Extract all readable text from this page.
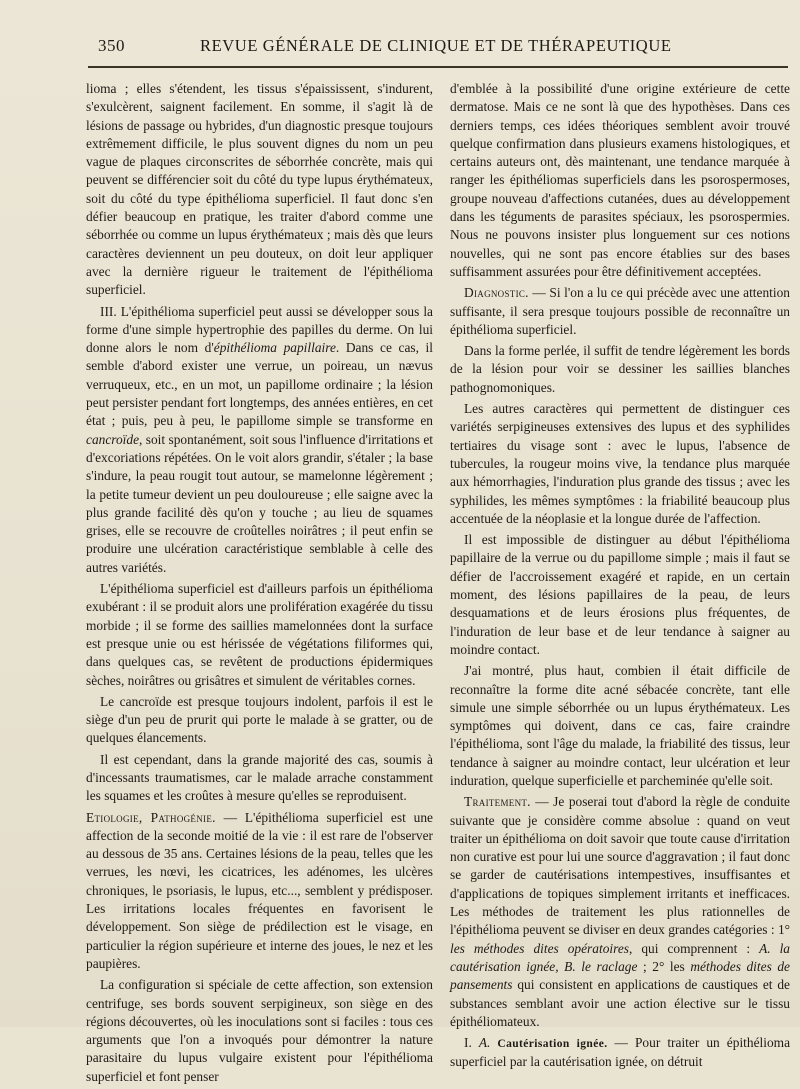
350	REVUE GÉNÉRALE DE CLINIQUE ET DE THÉRAPEUTIQUE

lioma ; elles s'étendent, les tissus s'épaississent, s'indurent, s'exulcèrent, saignent facilement. En somme, il s'agit là de lésions de passage ou hybrides, d'un diagnostic presque toujours extrêmement difficile, le plus souvent dignes du nom un peu vague de plaques circonscrites de séborrhée concrète, mais qui peuvent se différencier soit du côté du type lupus érythémateux, soit du côté du type épithélioma superficiel. Il faut donc s'en défier beaucoup en pratique, les traiter d'abord comme une séborrhée ou comme un lupus érythémateux ; mais dès que leurs caractères deviennent un peu douteux, on doit leur appliquer avec la dernière rigueur le traitement de l'épithélioma superficiel.

III. L'épithélioma superficiel peut aussi se développer sous la forme d'une simple hypertrophie des papilles du derme. On lui donne alors le nom d'épithélioma papillaire. Dans ce cas, il semble d'abord exister une verrue, un poireau, un nævus verruqueux, etc., en un mot, un papillome ordinaire ; la lésion peut persister pendant fort longtemps, des années entières, en cet état ; puis, peu à peu, le papillome simple se transforme en cancroïde, soit spontanément, soit sous l'influence d'irritations et d'excoriations répétées. On le voit alors grandir, s'étaler ; la base s'indure, la peau rougit tout autour, se mamelonne légèrement ; la petite tumeur devient un peu douloureuse ; elle saigne avec la plus grande facilité dès qu'on y touche ; au lieu de squames grises, elle se recouvre de croûtelles noirâtres ; il peut enfin se produire une ulcération caractéristique semblable à celle des autres variétés.

L'épithélioma superficiel est d'ailleurs parfois un épithélioma exubérant : il se produit alors une prolifération exagérée du tissu morbide ; il se forme des saillies mamelonnées dont la surface est presque unie ou est hérissée de végétations filiformes qui, dans quelques cas, se revêtent de productions épidermiques sèches, noirâtres ou grisâtres et simulent de véritables cornes.

Le cancroïde est presque toujours indolent, parfois il est le siège d'un peu de prurit qui porte le malade à se gratter, ou de quelques élancements.

Il est cependant, dans la grande majorité des cas, soumis à d'incessants traumatismes, car le malade arrache constamment les squames et les croûtes à mesure qu'elles se reproduisent.

Etiologie, Pathogénie. — L'épithélioma superficiel est une affection de la seconde moitié de la vie : il est rare de l'observer au dessous de 35 ans. Certaines lésions de la peau, telles que les verrues, les nœvi, les cicatrices, les adénomes, les ulcères chroniques, le psoriasis, le lupus, etc..., semblent y prédisposer. Les irritations locales fréquentes en favorisent le développement. Son siège de prédilection est le visage, en particulier la région supérieure et interne des joues, le nez et les paupières.

La configuration si spéciale de cette affection, son extension centrifuge, ses bords souvent serpigineux, son siège en des régions découvertes, où les inoculations sont si faciles : tous ces arguments que l'on a invoqués pour démontrer la nature parasitaire du lupus vulgaire existent pour l'épithélioma superficiel et font penser

d'emblée à la possibilité d'une origine extérieure de cette dermatose. Mais ce ne sont là que des hypothèses. Dans ces derniers temps, ces idées théoriques semblent avoir trouvé quelque confirmation dans plusieurs examens histologiques, et certains auteurs ont, dès maintenant, une tendance marquée à ranger les épithéliomas superficiels dans les psorospermoses, groupe nouveau d'affections cutanées, dues au développement dans les téguments de parasites spéciaux, les psorospermies. Nous ne pouvons insister plus longuement sur ces notions nouvelles, qui ne sont pas encore établies sur des bases suffisamment assurées pour être définitivement acceptées.

Diagnostic. — Si l'on a lu ce qui précède avec une attention suffisante, il sera presque toujours possible de reconnaître un épithélioma superficiel.

Dans la forme perlée, il suffit de tendre légèrement les bords de la lésion pour voir se dessiner les saillies blanches pathognomoniques.

Les autres caractères qui permettent de distinguer ces variétés serpigineuses extensives des lupus et des syphilides tertiaires du visage sont : avec le lupus, l'absence de tubercules, la rougeur moins vive, la tendance plus marquée aux hémorrhagies, l'induration plus grande des tissus ; avec les syphilides, les mêmes symptômes : la friabilité beaucoup plus accentuée de la néoplasie et la longue durée de l'affection.

Il est impossible de distinguer au début l'épithélioma papillaire de la verrue ou du papillome simple ; mais il faut se défier de l'accroissement exagéré et rapide, en un certain moment, des lésions papillaires de la peau, de leurs desquamations et de leurs érosions plus fréquentes, de l'induration de leur base et de leur tendance à saigner au moindre contact.

J'ai montré, plus haut, combien il était difficile de reconnaître la forme dite acné sébacée concrète, tant elle simule une simple séborrhée ou un lupus érythémateux. Les symptômes qui doivent, dans ce cas, faire craindre l'épithélioma, sont l'âge du malade, la friabilité des tissus, leur tendance à saigner au moindre contact, leur ulcération et leur induration, quelque superficielle et parcheminée qu'elle soit.

Traitement. — Je poserai tout d'abord la règle de conduite suivante que je considère comme absolue : quand on veut traiter un épithélioma on doit savoir que toute cause d'irritation non curative est pour lui une source d'aggravation ; il faut donc se garder de cautérisations intempestives, insuffisantes et d'applications de topiques simplement irritants et inefficaces. Les méthodes de traitement les plus rationnelles de l'épithélioma peuvent se diviser en deux grandes catégories : 1° les méthodes dites opératoires, qui comprennent : A. la cautérisation ignée, B. le raclage ; 2° les méthodes dites de pansements qui consistent en applications de caustiques et de substances semblant avoir une action élective sur le tissu épithéliomateux.

I. A. Cautérisation ignée. — Pour traiter un épithélioma superficiel par la cautérisation ignée, on détruit
